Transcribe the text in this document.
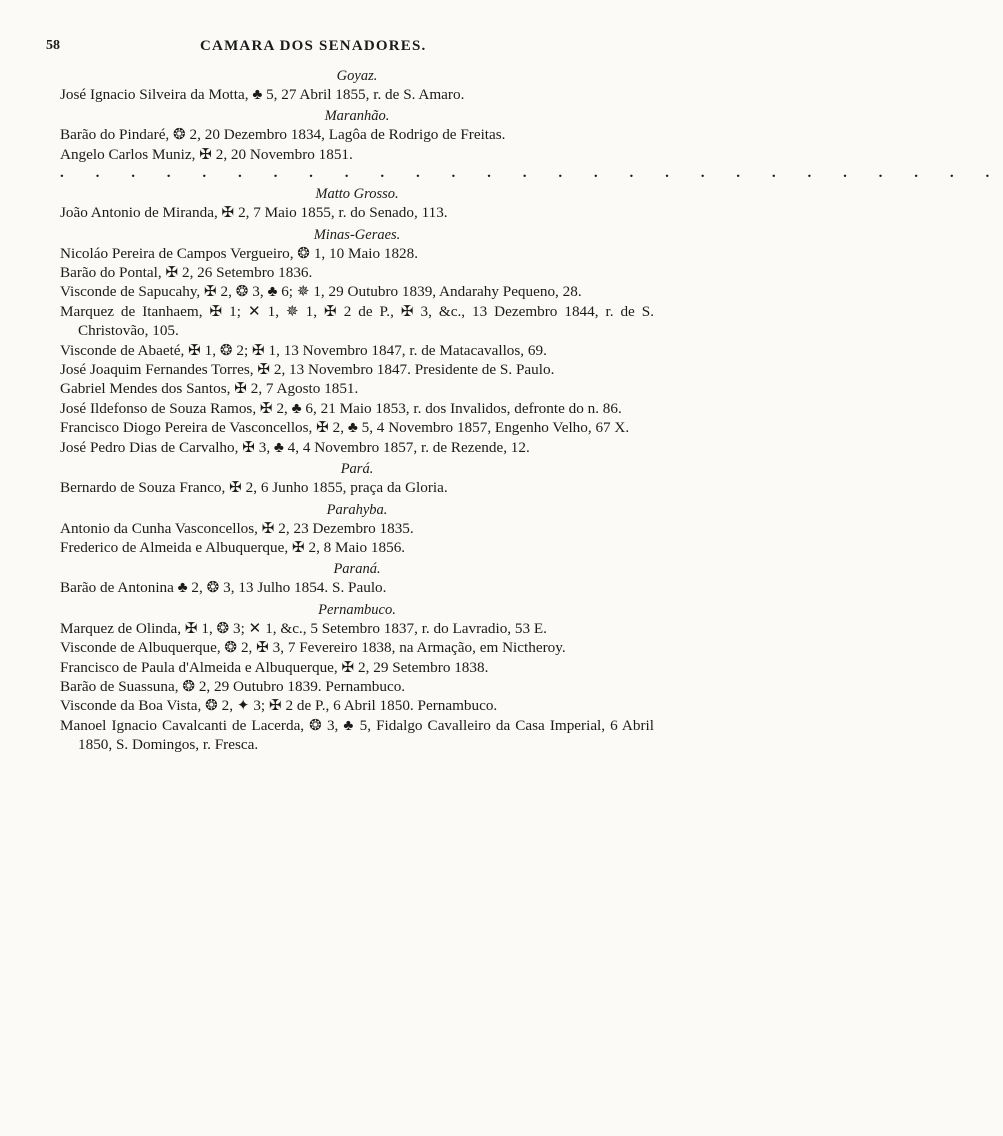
58	CAMARA DOS SENADORES.
Goyaz.
José Ignacio Silveira da Motta, ♣ 5, 27 Abril 1855, r. de S. Amaro.
Maranhão.
Barão do Pindaré, ❂ 2, 20 Dezembro 1834, Lagôa de Rodrigo de Freitas.
Angelo Carlos Muniz, ✠ 2, 20 Novembro 1851.
. . . . . . . . . . . . . . . . . . . . . . . . . . .
Matto Grosso.
João Antonio de Miranda, ✠ 2, 7 Maio 1855, r. do Senado, 113.
Minas-Geraes.
Nicoláo Pereira de Campos Vergueiro, ❂ 1, 10 Maio 1828.
Barão do Pontal, ✠ 2, 26 Setembro 1836.
Visconde de Sapucahy, ✠ 2, ❂ 3, ♣ 6; ✵ 1, 29 Outubro 1839, Andarahy Pequeno, 28.
Marquez de Itanhaem, ✠ 1; ✕ 1, ✵ 1, ✠ 2 de P., ✠ 3, &c., 13 Dezembro 1844, r. de S. Christovão, 105.
Visconde de Abaeté, ✠ 1, ❂ 2; ✠ 1, 13 Novembro 1847, r. de Matacavallos, 69.
José Joaquim Fernandes Torres, ✠ 2, 13 Novembro 1847. Presidente de S. Paulo.
Gabriel Mendes dos Santos, ✠ 2, 7 Agosto 1851.
José Ildefonso de Souza Ramos, ✠ 2, ♣ 6, 21 Maio 1853, r. dos Invalidos, defronte do n. 86.
Francisco Diogo Pereira de Vasconcellos, ✠ 2, ♣ 5, 4 Novembro 1857, Engenho Velho, 67 X.
José Pedro Dias de Carvalho, ✠ 3, ♣ 4, 4 Novembro 1857, r. de Rezende, 12.
Pará.
Bernardo de Souza Franco, ✠ 2, 6 Junho 1855, praça da Gloria.
Parahyba.
Antonio da Cunha Vasconcellos, ✠ 2, 23 Dezembro 1835.
Frederico de Almeida e Albuquerque, ✠ 2, 8 Maio 1856.
Paraná.
Barão de Antonina ♣ 2, ❂ 3, 13 Julho 1854. S. Paulo.
Pernambuco.
Marquez de Olinda, ✠ 1, ❂ 3; ✕ 1, &c., 5 Setembro 1837, r. do Lavradio, 53 E.
Visconde de Albuquerque, ❂ 2, ✠ 3, 7 Fevereiro 1838, na Armação, em Nictheroy.
Francisco de Paula d'Almeida e Albuquerque, ✠ 2, 29 Setembro 1838.
Barão de Suassuna, ❂ 2, 29 Outubro 1839. Pernambuco.
Visconde da Boa Vista, ❂ 2, ✦ 3; ✠ 2 de P., 6 Abril 1850. Pernambuco.
Manoel Ignacio Cavalcanti de Lacerda, ❂ 3, ♣ 5, Fidalgo Cavalleiro da Casa Imperial, 6 Abril 1850, S. Domingos, r. Fresca.
